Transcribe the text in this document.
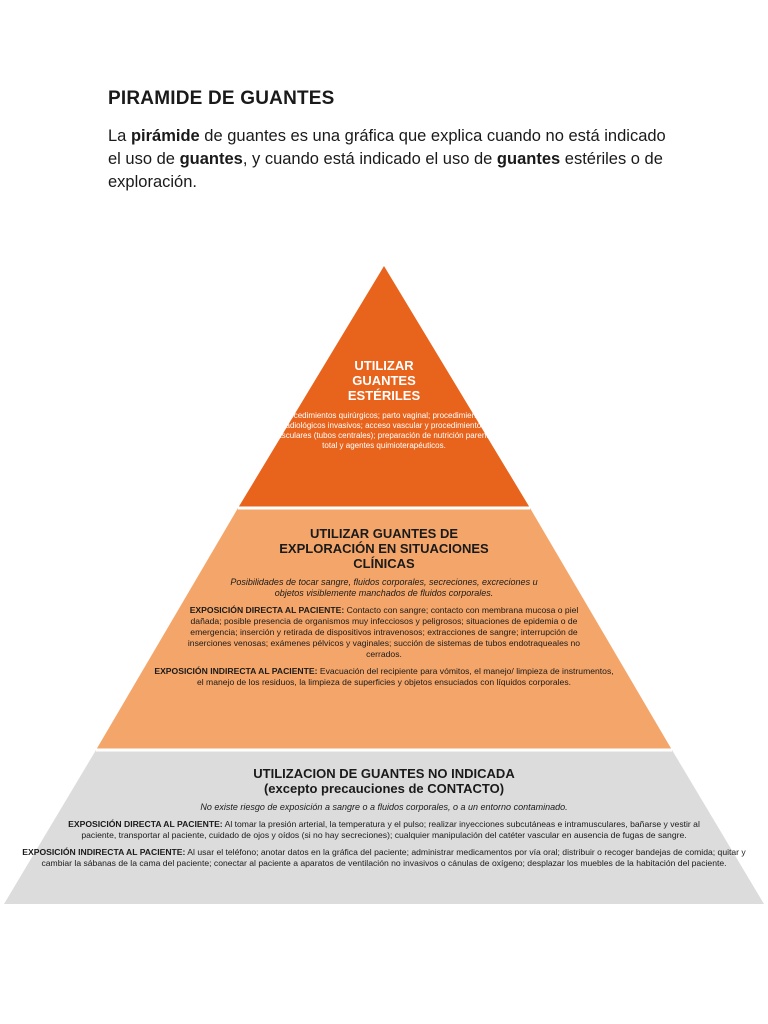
PIRAMIDE DE GUANTES
La pirámide de guantes es una gráfica que explica cuando no está indicado el uso de guantes, y cuando está indicado el uso de guantes estériles o de exploración.
UTILIZAR GUANTES ESTÉRILES
Procedimientos quirúrgicos; parto vaginal; procedimientos radiológicos invasivos; acceso vascular y procedimientos vasculares (tubos centrales); preparación de nutrición parental total y agentes quimioterapéuticos.
UTILIZAR GUANTES DE EXPLORACIÓN EN SITUACIONES CLÍNICAS
Posibilidades de tocar sangre, fluidos corporales, secreciones, excreciones u objetos visiblemente manchados de fluidos corporales.
EXPOSICIÓN DIRECTA AL PACIENTE: Contacto con sangre; contacto con membrana mucosa o piel dañada; posible presencia de organismos muy infecciosos y peligrosos; situaciones de epidemia o de emergencia; inserción y retirada de dispositivos intravenosos; extracciones de sangre; interrupción de inserciones venosas; exámenes pélvicos y vaginales; succión de sistemas de tubos endotraqueales no cerrados.
EXPOSICIÓN INDIRECTA AL PACIENTE: Evacuación del recipiente para vómitos, el manejo/ limpieza de instrumentos, el manejo de los residuos, la limpieza de superficies y objetos ensuciados con líquidos corporales.
UTILIZACION DE GUANTES NO INDICADA
(excepto precauciones de CONTACTO)
No existe riesgo de exposición a sangre o a fluidos corporales, o a un entorno contaminado.
EXPOSICIÓN DIRECTA AL PACIENTE: Al tomar la presión arterial, la temperatura y el pulso; realizar inyecciones subcutáneas e intramusculares, bañarse y vestir al paciente, transportar al paciente, cuidado de ojos y oídos (si no hay secreciones); cualquier manipulación del catéter vascular en ausencia de fugas de sangre.
EXPOSICIÓN INDIRECTA AL PACIENTE: Al usar el teléfono; anotar datos en la gráfica del paciente; administrar medicamentos por vía oral; distribuir o recoger bandejas de comida; quitar y cambiar la sábanas de la cama del paciente; conectar al paciente a aparatos de ventilación no invasivos o cánulas de oxígeno; desplazar los muebles de la habitación del paciente.
